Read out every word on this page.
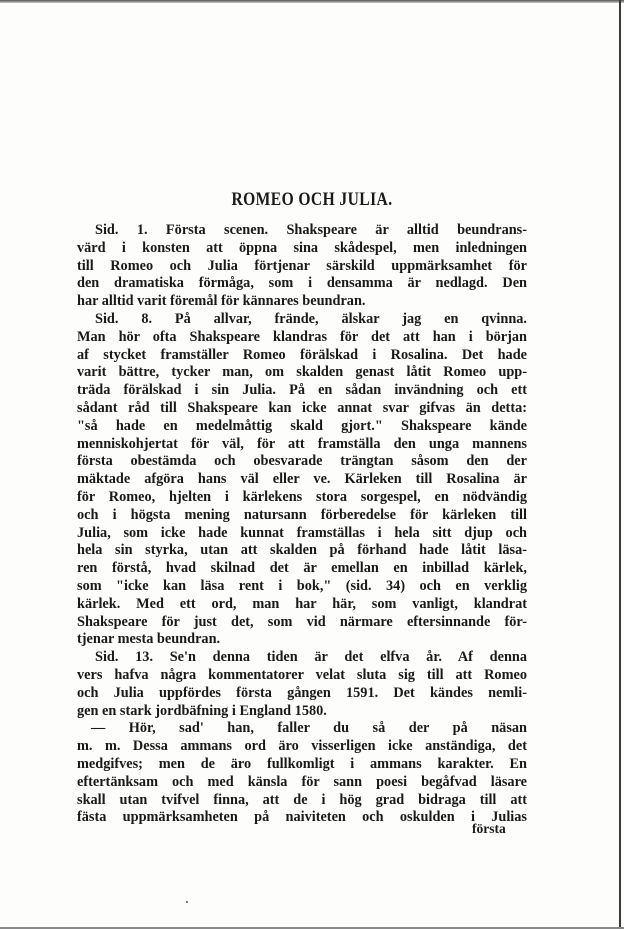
ROMEO OCH JULIA.
Sid. 1. Första scenen. Shakspeare är alltid beundrans-
värd i konsten att öppna sina skådespel, men inledningen
till Romeo och Julia förtjenar särskild uppmärksamhet för
den dramatiska förmåga, som i densamma är nedlagd. Den
har alltid varit föremål för kännares beundran.
Sid. 8. På allvar, frände, älskar jag en qvinna.
Man hör ofta Shakspeare klandras för det att han i början
af stycket framställer Romeo förälskad i Rosalina. Det hade
varit bättre, tycker man, om skalden genast låtit Romeo upp-
träda förälskad i sin Julia. På en sådan invändning och ett
sådant råd till Shakspeare kan icke annat svar gifvas än detta:
"så hade en medelmåttig skald gjort." Shakspeare kände
menniskohjertat för väl, för att framställa den unga mannens
första obestämda och obesvarade trängtan såsom den der
mäktade afgöra hans väl eller ve. Kärleken till Rosalina är
för Romeo, hjelten i kärlekens stora sorgespel, en nödvändig
och i högsta mening natursann förberedelse för kärleken till
Julia, som icke hade kunnat framställas i hela sitt djup och
hela sin styrka, utan att skalden på förhand hade låtit läsa-
ren förstå, hvad skilnad det är emellan en inbillad kärlek,
som "icke kan läsa rent i bok," (sid. 34) och en verklig
kärlek. Med ett ord, man har här, som vanligt, klandrat
Shakspeare för just det, som vid närmare eftersinnande för-
tjenar mesta beundran.
Sid. 13. Se'n denna tiden är det elfva år. Af denna
vers hafva några kommentatorer velat sluta sig till att Romeo
och Julia uppfördes första gången 1591. Det kändes nemli-
gen en stark jordbäfning i England 1580.
— Hör, sad' han, faller du så der på näsan
m. m. Dessa ammans ord äro visserligen icke anständiga, det
medgifves; men de äro fullkomligt i ammans karakter. En
eftertänksam och med känsla för sann poesi begåfvad läsare
skall utan tvifvel finna, att de i hög grad bidraga till att
fästa uppmärksamheten på naiviteten och oskulden i Julias

första
